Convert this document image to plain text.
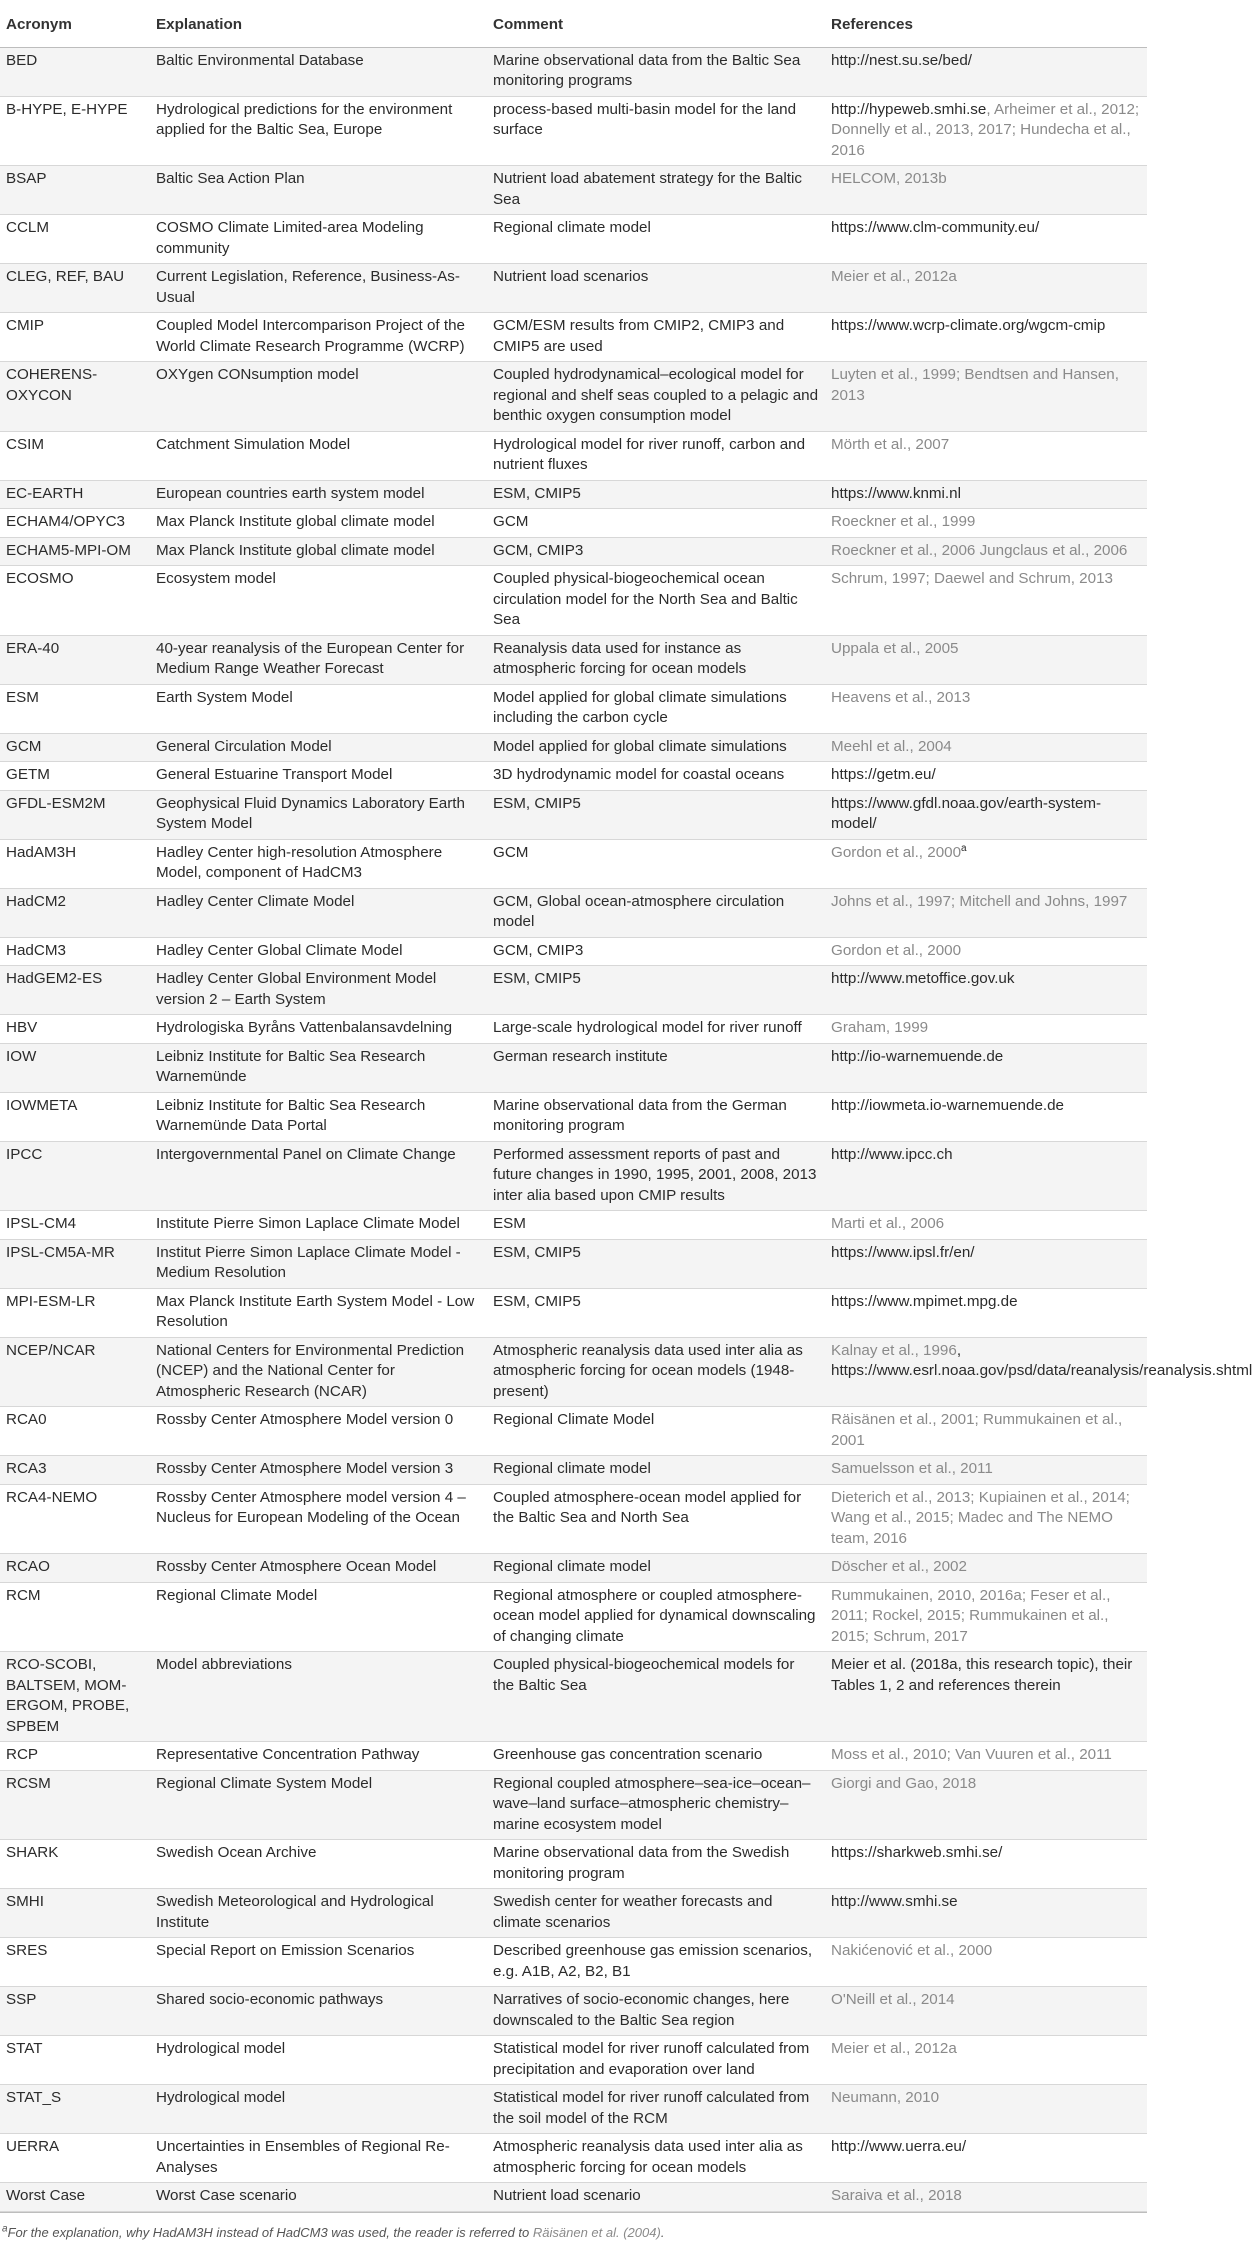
Acronym	Explanation	Comment	References
BED	Baltic Environmental Database	Marine observational data from the Baltic Sea monitoring programs	http://nest.su.se/bed/
B-HYPE, E-HYPE	Hydrological predictions for the environment applied for the Baltic Sea, Europe	process-based multi-basin model for the land surface	http://hypeweb.smhi.se, Arheimer et al., 2012; Donnelly et al., 2013, 2017; Hundecha et al., 2016
BSAP	Baltic Sea Action Plan	Nutrient load abatement strategy for the Baltic Sea	HELCOM, 2013b
CCLM	COSMO Climate Limited-area Modeling community	Regional climate model	https://www.clm-community.eu/
CLEG, REF, BAU	Current Legislation, Reference, Business-As-Usual	Nutrient load scenarios	Meier et al., 2012a
CMIP	Coupled Model Intercomparison Project of the World Climate Research Programme (WCRP)	GCM/ESM results from CMIP2, CMIP3 and CMIP5 are used	https://www.wcrp-climate.org/wgcm-cmip
COHERENS-OXYCON	OXYgen CONsumption model	Coupled hydrodynamical–ecological model for regional and shelf seas coupled to a pelagic and benthic oxygen consumption model	Luyten et al., 1999; Bendtsen and Hansen, 2013
CSIM	Catchment Simulation Model	Hydrological model for river runoff, carbon and nutrient fluxes	Mörth et al., 2007
EC-EARTH	European countries earth system model	ESM, CMIP5	https://www.knmi.nl
ECHAM4/OPYC3	Max Planck Institute global climate model	GCM	Roeckner et al., 1999
ECHAM5-MPI-OM	Max Planck Institute global climate model	GCM, CMIP3	Roeckner et al., 2006 Jungclaus et al., 2006
ECOSMO	Ecosystem model	Coupled physical-biogeochemical ocean circulation model for the North Sea and Baltic Sea	Schrum, 1997; Daewel and Schrum, 2013
ERA-40	40-year reanalysis of the European Center for Medium Range Weather Forecast	Reanalysis data used for instance as atmospheric forcing for ocean models	Uppala et al., 2005
ESM	Earth System Model	Model applied for global climate simulations including the carbon cycle	Heavens et al., 2013
GCM	General Circulation Model	Model applied for global climate simulations	Meehl et al., 2004
GETM	General Estuarine Transport Model	3D hydrodynamic model for coastal oceans	https://getm.eu/
GFDL-ESM2M	Geophysical Fluid Dynamics Laboratory Earth System Model	ESM, CMIP5	https://www.gfdl.noaa.gov/earth-system-model/
HadAM3H	Hadley Center high-resolution Atmosphere Model, component of HadCM3	GCM	Gordon et al., 2000$^a$
HadCM2	Hadley Center Climate Model	GCM, Global ocean-atmosphere circulation model	Johns et al., 1997; Mitchell and Johns, 1997
HadCM3	Hadley Center Global Climate Model	GCM, CMIP3	Gordon et al., 2000
HadGEM2-ES	Hadley Center Global Environment Model version 2 – Earth System	ESM, CMIP5	http://www.metoffice.gov.uk
HBV	Hydrologiska Byråns Vattenbalansavdelning	Large-scale hydrological model for river runoff	Graham, 1999
IOW	Leibniz Institute for Baltic Sea Research Warnemünde	German research institute	http://io-warnemuende.de
IOWMETA	Leibniz Institute for Baltic Sea Research Warnemünde Data Portal	Marine observational data from the German monitoring program	http://iowmeta.io-warnemuende.de
IPCC	Intergovernmental Panel on Climate Change	Performed assessment reports of past and future changes in 1990, 1995, 2001, 2008, 2013 inter alia based upon CMIP results	http://www.ipcc.ch
IPSL-CM4	Institute Pierre Simon Laplace Climate Model	ESM	Marti et al., 2006
IPSL-CM5A-MR	Institut Pierre Simon Laplace Climate Model - Medium Resolution	ESM, CMIP5	https://www.ipsl.fr/en/
MPI-ESM-LR	Max Planck Institute Earth System Model - Low Resolution	ESM, CMIP5	https://www.mpimet.mpg.de
NCEP/NCAR	National Centers for Environmental Prediction (NCEP) and the National Center for Atmospheric Research (NCAR)	Atmospheric reanalysis data used inter alia as atmospheric forcing for ocean models (1948-present)	Kalnay et al., 1996, https://www.esrl.noaa.gov/psd/data/reanalysis/reanalysis.shtml
RCA0	Rossby Center Atmosphere Model version 0	Regional Climate Model	Räisänen et al., 2001; Rummukainen et al., 2001
RCA3	Rossby Center Atmosphere Model version 3	Regional climate model	Samuelsson et al., 2011
RCA4-NEMO	Rossby Center Atmosphere model version 4 – Nucleus for European Modeling of the Ocean	Coupled atmosphere-ocean model applied for the Baltic Sea and North Sea	Dieterich et al., 2013; Kupiainen et al., 2014; Wang et al., 2015; Madec and The NEMO team, 2016
RCAO	Rossby Center Atmosphere Ocean Model	Regional climate model	Döscher et al., 2002
RCM	Regional Climate Model	Regional atmosphere or coupled atmosphere-ocean model applied for dynamical downscaling of changing climate	Rummukainen, 2010, 2016a; Feser et al., 2011; Rockel, 2015; Rummukainen et al., 2015; Schrum, 2017
RCO-SCOBI, BALTSEM, MOM-ERGOM, PROBE, SPBEM	Model abbreviations	Coupled physical-biogeochemical models for the Baltic Sea	Meier et al. (2018a, this research topic), their Tables 1, 2 and references therein
RCP	Representative Concentration Pathway	Greenhouse gas concentration scenario	Moss et al., 2010; Van Vuuren et al., 2011
RCSM	Regional Climate System Model	Regional coupled atmosphere–sea-ice–ocean–wave–land surface–atmospheric chemistry–marine ecosystem model	Giorgi and Gao, 2018
SHARK	Swedish Ocean Archive	Marine observational data from the Swedish monitoring program	https://sharkweb.smhi.se/
SMHI	Swedish Meteorological and Hydrological Institute	Swedish center for weather forecasts and climate scenarios	http://www.smhi.se
SRES	Special Report on Emission Scenarios	Described greenhouse gas emission scenarios, e.g. A1B, A2, B2, B1	Nakićenović et al., 2000
SSP	Shared socio-economic pathways	Narratives of socio-economic changes, here downscaled to the Baltic Sea region	O'Neill et al., 2014
STAT	Hydrological model	Statistical model for river runoff calculated from precipitation and evaporation over land	Meier et al., 2012a
STAT_S	Hydrological model	Statistical model for river runoff calculated from the soil model of the RCM	Neumann, 2010
UERRA	Uncertainties in Ensembles of Regional Re-Analyses	Atmospheric reanalysis data used inter alia as atmospheric forcing for ocean models	http://www.uerra.eu/
Worst Case	Worst Case scenario	Nutrient load scenario	Saraiva et al., 2018
$^a$For the explanation, why HadAM3H instead of HadCM3 was used, the reader is referred to Räisänen et al. (2004).
